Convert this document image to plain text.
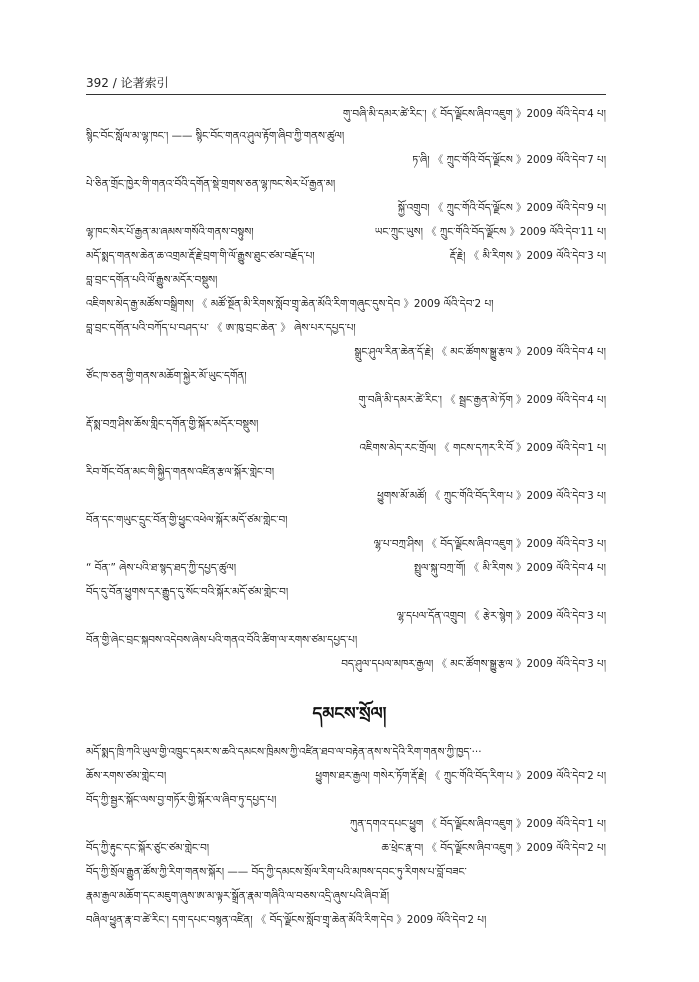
392 / 论著索引
གུ་བཞི་མི་དམར་ཚེ་རིང་།《 བོད་ལྗོངས་ཞིབ་འཇུག 》2009 ལོའི་དེབ་4 པ།
སྙིང་བོང་སློལ་མ་ལྷ་ཁང་། —— སྙིང་བོང་གནའ་ཤུལ་རྟོག་ཞིབ་ཀྱི་གནས་ཚུལ།
ཏ་ཞི། 《 ཀྲུང་གོའི་བོད་ལྗོངས 》2009 ལོའི་དེབ་7 པ།
པེ་ཅིན་གྲོང་ཁྱེར་གི་གནའ་བོའི་དགོན་སྡེ་གྲགས་ཅན་ལྷ་ཁང་སེར་པོ་རྒྱན་མ།
སྐྱོ་འགྲུབ། 《 ཀྲུང་གོའི་བོད་ལྗོངས 》2009 ལོའི་དེབ་9 པ།
ལྷ་ཁང་སེར་པོ་རྒྱན་མ་ཞམས་གསོའི་གནས་བསྟུས།	ཡང་ཀྲུང་ཡུས། 《 ཀྲུང་གོའི་བོད་ལྗོངས 》2009 ལོའི་དེབ་11 པ།
མདོ་སྨད་གནས་ཆེན་ཆ་འགྲམ་རྡོ་རྗེ་བྲག་གི་ལོ་རྒྱུས་ཐུང་ཙམ་བརྗོད་པ།	རྡོ་རྗེ། 《 མི་རིགས 》2009 ལོའི་དེབ་3 པ།
བླ་བྲང་དགོན་པའི་ལོ་རྒྱུས་མདོར་བསྡུས།
འཇིགས་མེད་རྒྱ་མཚོས་བསྒྲིགས། 《 མཚོ་སྔོན་མི་རིགས་སློབ་གྲྭ་ཆེན་མོའི་རིག་གཞུང་དུས་དེབ 》2009 ལོའི་དེབ་2 པ།
བླ་བྲང་དགོན་པའི་བཀོད་པ་བཤད་པ་ 《 ཨ་ཁུ་བྲང་ཆེན་ 》 ཞེས་པར་དཔྱད་པ།
སྒྲུང་ཤུལ་རིན་ཆེན་དོ་རྗེ། 《 མང་ཚོགས་སྒྱུ་རྩལ 》2009 ལོའི་དེབ་4 པ།
ཙོང་ཁ་ཅན་གྱི་གནས་མཆོག་སྐྱེར་མོ་ཡུང་དགོན།
གུ་བཞི་མི་དམར་ཚེ་རིང་། 《 སྦྲང་རྒྱན་མེ་ཏོག 》2009 ལོའི་དེབ་4 པ།
རྡོ་སྨ་བཀྲ་ཤིས་ཆོས་གླིང་དགོན་གྱི་སྐོར་མདོར་བསྡུས།
འཇིགས་མེད་རང་གྲོལ། 《 གངས་དཀར་རི་བོ 》2009 ལོའི་དེབ་1 པ།
རིབ་གོང་བོན་མང་གི་སྐྱིད་གནས་འཛིན་རྩལ་སྐོར་གླེང་བ།
ཕྱུགས་མོ་མཚོ། 《 ཀྲུང་གོའི་བོད་རིག་པ 》2009 ལོའི་དེབ་3 པ།
བོན་དང་གཡུང་དྲུང་བོན་གྱི་ཕྱུང་འཕེལ་སྐོར་མདོ་ཙམ་གླེང་བ།
ལྷ་པ་བཀྲ་ཤིས། 《 བོད་ལྗོངས་ཞིབ་འཇུག 》2009 ལོའི་དེབ་3 པ།
“ བོན་” ཞེས་པའི་ཐ་སྙད་ཐད་ཀྱི་དཔྱད་ཚུལ།	སྤྲུལ་སྐུ་བཀྲ་གོ། 《 མི་རིགས 》2009 ལོའི་དེབ་4 པ།
བོད་དུ་བོན་ཕྱུགས་དར་རྒྱུད་དུ་སོང་བའི་སྐོར་མདོ་ཙམ་གླེང་བ།
ལྷ་དཔལ་དོན་འགྲུབ། 《 རྩེར་སྙེག 》2009 ལོའི་དེབ་3 པ།
བོན་གྱི་ཞེང་བྲང་སྐབས་འདེབས་ཞེས་པའི་གནའ་བོའི་ཚིག་ལ་རགས་ཙམ་དཔྱད་པ།
བད་ཤུལ་དཔལ་མཁར་རྒྱལ། 《 མང་ཚོགས་སྒྱུ་རྩལ 》2009 ལོའི་དེབ་3 པ།
དམངས་སྲོལ།
མདོ་སྨད་ཁྲི་ཀའི་ཡུལ་གྱི་འཁྲུང་དམར་ས་ཆའི་དམངས་ཁྲིམས་ཀྱི་འཛིན་ཐབ་ལ་བརྟེན་ནས་ས་དེའི་རིག་གནས་ཀྱི་ཁྱད་···
ཆོས་རགས་ཙམ་གླེང་བ།	ཕྱུགས་ཐར་རྒྱལ། གསེར་ཏོག་རྡོ་རྗེ། 《 ཀྲུང་གོའི་བོད་རིག་པ 》2009 ལོའི་དེབ་2 པ།
བོད་ཀྱི་སྦྱར་སྐོང་ལས་བྱ་གཏོར་གྱི་སྐོར་ལ་ཞིབ་ཏུ་དཔྱད་པ།
ཀུན་དགའ་དཔང་ཕྱུག 《 བོད་ལྗོངས་ཞིབ་འཇུག 》2009 ལོའི་དེབ་1 པ།
བོད་ཀྱི་རྟུང་དང་སྐོར་ཙུང་ཙམ་གླེང་བ།	ཆ་ཕྲེང་རྣ་བ། 《 བོད་ལྗོངས་ཞིབ་འཇུག 》2009 ལོའི་དེབ་2 པ།
བོད་ཀྱི་སྲོལ་རྒྱུན་ཚོས་ཀྱི་རིག་གནས་སྐོར། —— བོད་ཀྱི་དམངས་སྲོལ་རིག་པའི་མཁས་དབང་ཏུ་རིགས་པ་བློ་བཟང་
རྣམ་རྒྱལ་མཆོག་དང་མཇུག་ཞུས་ཨ་མ་ལྟར་སྒྲོན་རྣམ་གཞིའི་ལ་བཅས་འདྲི་ཞུས་པའི་ཞིབ་ཐོ།
བཞིལ་ཕྱུན་རྣ་བ་ཚེ་རིང་། དག་དཔང་བསྙན་འཛིན། 《 བོད་ལྗོངས་སློབ་གྲྭ་ཆེན་མོའི་རིག་དེབ 》2009 ལོའི་དེབ་2 པ།
